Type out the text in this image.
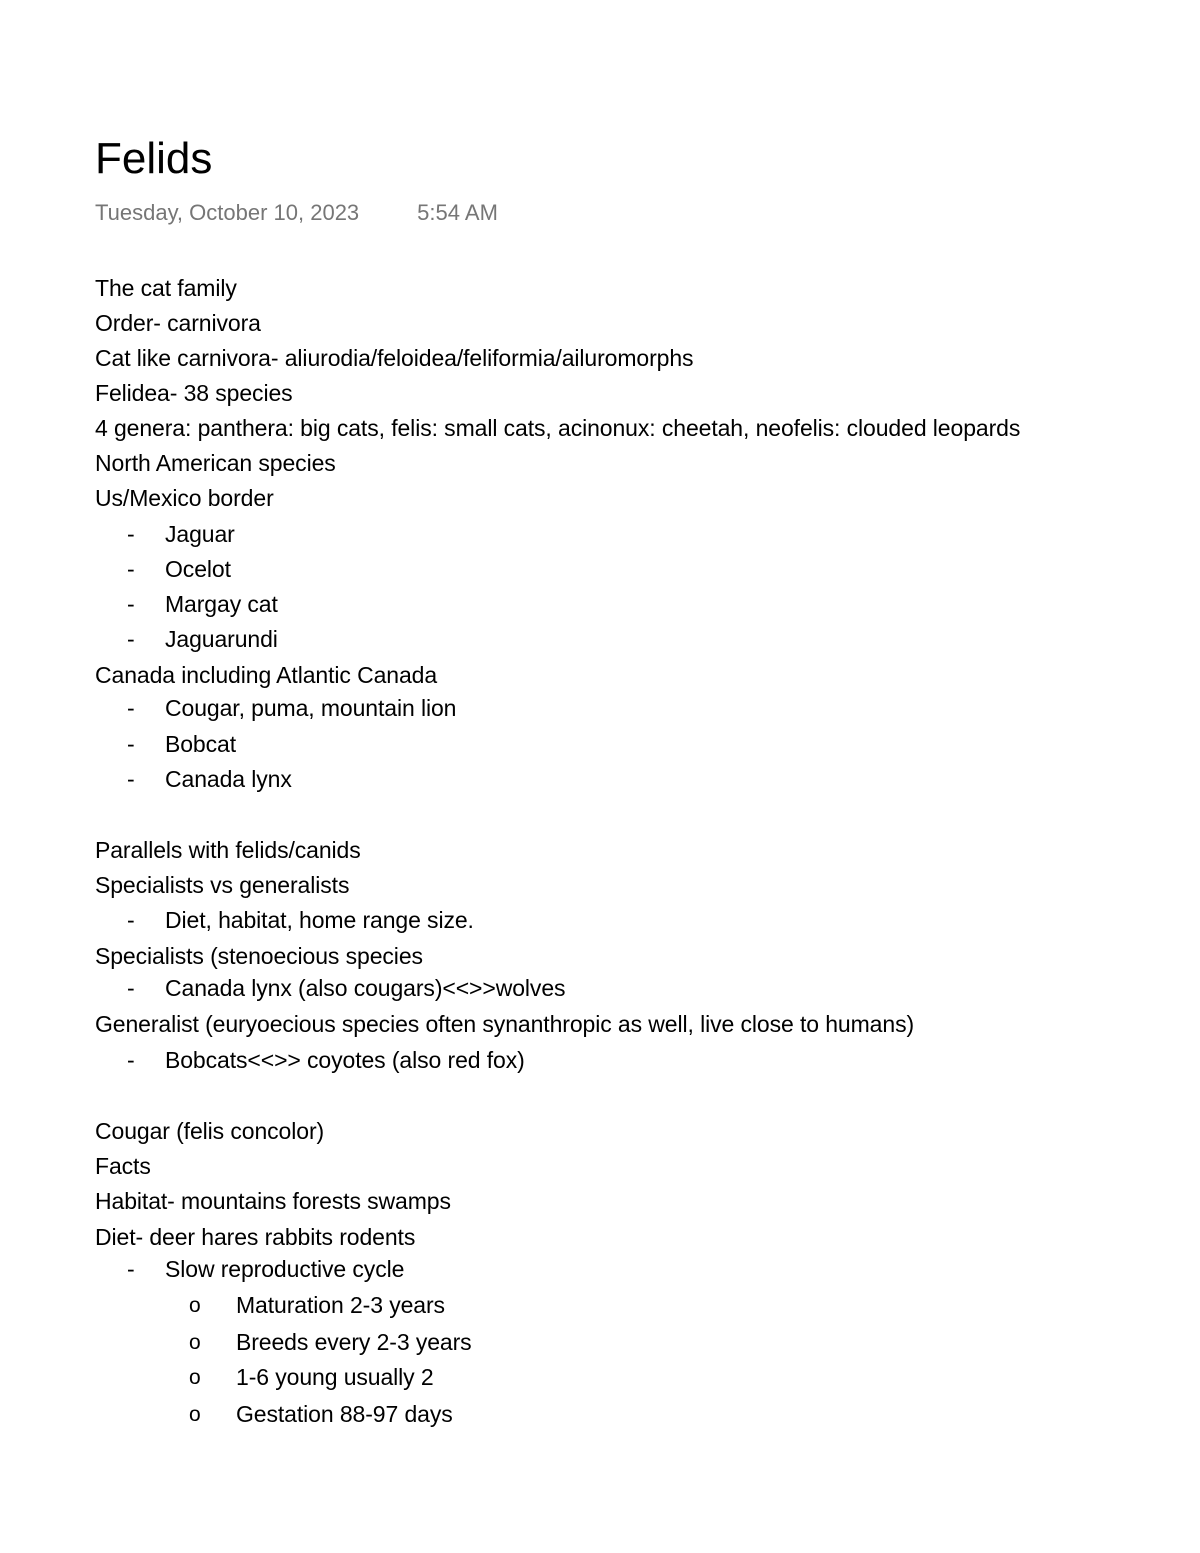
Felids
Tuesday, October 10, 2023	5:54 AM
The cat family
Order- carnivora
Cat like carnivora- aliurodia/feloidea/feliformia/ailuromorphs
Felidea- 38 species
4 genera: panthera: big cats, felis: small cats, acinonux: cheetah, neofelis: clouded leopards
North American species
Us/Mexico border
- Jaguar
- Ocelot
- Margay cat
- Jaguarundi
Canada including Atlantic Canada
- Cougar, puma, mountain lion
- Bobcat
- Canada lynx
Parallels with felids/canids
Specialists vs generalists
- Diet, habitat, home range size.
Specialists (stenoecious species
- Canada lynx (also cougars)<<>>wolves
Generalist (euryoecious species often synanthropic as well, live close to humans)
- Bobcats<<>> coyotes (also red fox)
Cougar (felis concolor)
Facts
Habitat- mountains forests swamps
Diet- deer hares rabbits rodents
- Slow reproductive cycle
o Maturation 2-3 years
o Breeds every 2-3 years
o 1-6 young usually 2
o Gestation 88-97 days
